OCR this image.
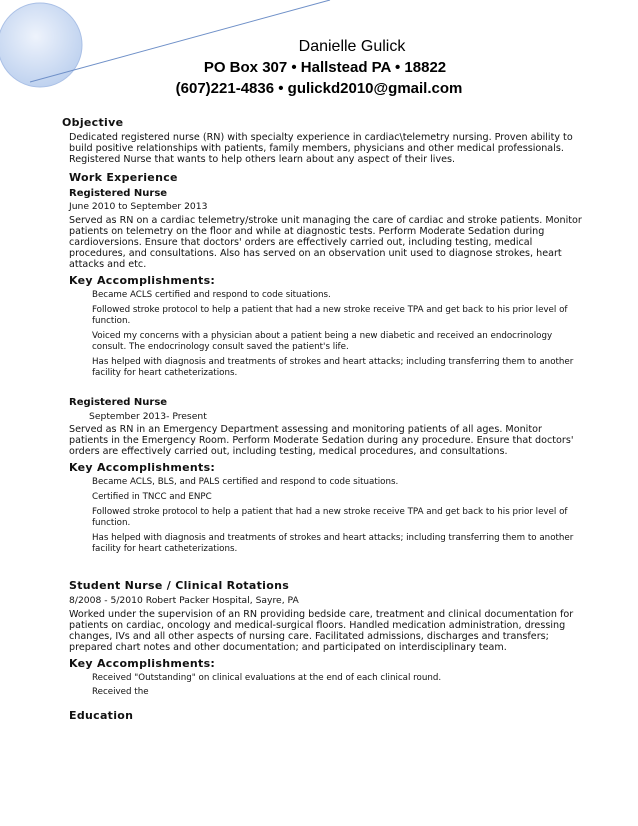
Danielle Gulick
PO Box 307 • Hallstead PA • 18822
(607)221-4836 • gulickd2010@gmail.com
Objective
Dedicated registered nurse (RN) with specialty experience in cardiac\telemetry nursing. Proven ability to build positive relationships with patients, family members, physicians and other medical professionals. Registered Nurse that wants to help others learn about any aspect of their lives.
Work Experience
Registered Nurse
June 2010 to September 2013
Served as RN on a cardiac telemetry/stroke unit managing the care of cardiac and stroke patients. Monitor patients on telemetry on the floor and while at diagnostic tests. Perform Moderate Sedation during cardioversions. Ensure that doctors' orders are effectively carried out, including testing, medical procedures, and consultations. Also has served on an observation unit used to diagnose strokes, heart attacks and etc.
Key Accomplishments:
Became ACLS certified and respond to code situations.
Followed stroke protocol to help a patient that had a new stroke receive TPA and get back to his prior level of function.
Voiced my concerns with a physician about a patient being a new diabetic and received an endocrinology consult. The endocrinology consult saved the patient's life.
Has helped with diagnosis and treatments of strokes and heart attacks; including transferring them to another facility for heart catheterizations.
Registered Nurse
September 2013- Present
Served as RN in an Emergency Department assessing and monitoring patients of all ages. Monitor patients in the Emergency Room. Perform Moderate Sedation during any procedure. Ensure that doctors' orders are effectively carried out, including testing, medical procedures, and consultations.
Key Accomplishments:
Became ACLS, BLS, and PALS certified and respond to code situations.
Certified in TNCC and ENPC
Followed stroke protocol to help a patient that had a new stroke receive TPA and get back to his prior level of function.
Has helped with diagnosis and treatments of strokes and heart attacks; including transferring them to another facility for heart catheterizations.
Student Nurse / Clinical Rotations
8/2008 - 5/2010 Robert Packer Hospital, Sayre, PA
Worked under the supervision of an RN providing bedside care, treatment and clinical documentation for patients on cardiac, oncology and medical-surgical floors. Handled medication administration, dressing changes, IVs and all other aspects of nursing care. Facilitated admissions, discharges and transfers; prepared chart notes and other documentation; and participated on interdisciplinary team.
Key Accomplishments:
Received "Outstanding" on clinical evaluations at the end of each clinical round.
Received the
Education
